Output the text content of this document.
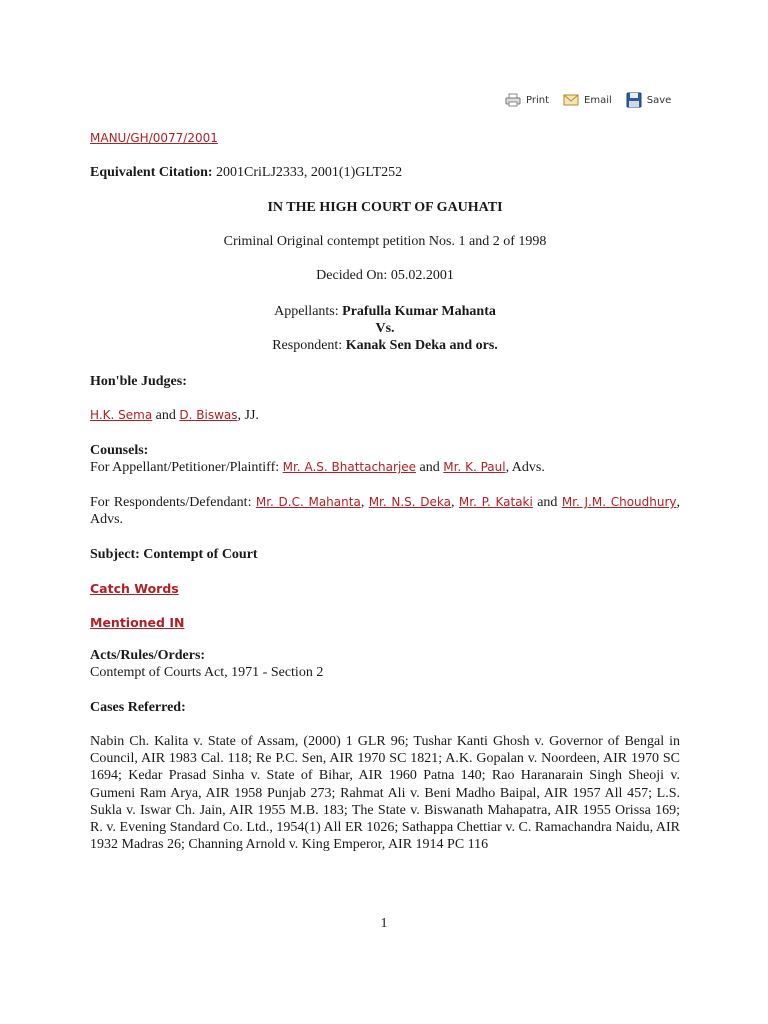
Print	Email	Save
MANU/GH/0077/2001
Equivalent Citation: 2001CriLJ2333, 2001(1)GLT252
IN THE HIGH COURT OF GAUHATI
Criminal Original contempt petition Nos. 1 and 2 of 1998
Decided On: 05.02.2001
Appellants: Prafulla Kumar Mahanta
Vs.
Respondent: Kanak Sen Deka and ors.
Hon'ble Judges:
H.K. Sema and D. Biswas, JJ.
Counsels:
For Appellant/Petitioner/Plaintiff: Mr. A.S. Bhattacharjee and Mr. K. Paul, Advs.
For Respondents/Defendant: Mr. D.C. Mahanta, Mr. N.S. Deka, Mr. P. Kataki and Mr. J.M. Choudhury, Advs.
Subject: Contempt of Court
Catch Words
Mentioned IN
Acts/Rules/Orders:
Contempt of Courts Act, 1971 - Section 2
Cases Referred:
Nabin Ch. Kalita v. State of Assam, (2000) 1 GLR 96; Tushar Kanti Ghosh v. Governor of Bengal in Council, AIR 1983 Cal. 118; Re P.C. Sen, AIR 1970 SC 1821; A.K. Gopalan v. Noordeen, AIR 1970 SC 1694; Kedar Prasad Sinha v. State of Bihar, AIR 1960 Patna 140; Rao Haranarain Singh Sheoji v. Gumeni Ram Arya, AIR 1958 Punjab 273; Rahmat Ali v. Beni Madho Baipal, AIR 1957 All 457; L.S. Sukla v. Iswar Ch. Jain, AIR 1955 M.B. 183; The State v. Biswanath Mahapatra, AIR 1955 Orissa 169; R. v. Evening Standard Co. Ltd., 1954(1) All ER 1026; Sathappa Chettiar v. C. Ramachandra Naidu, AIR 1932 Madras 26; Channing Arnold v. King Emperor, AIR 1914 PC 116
1
